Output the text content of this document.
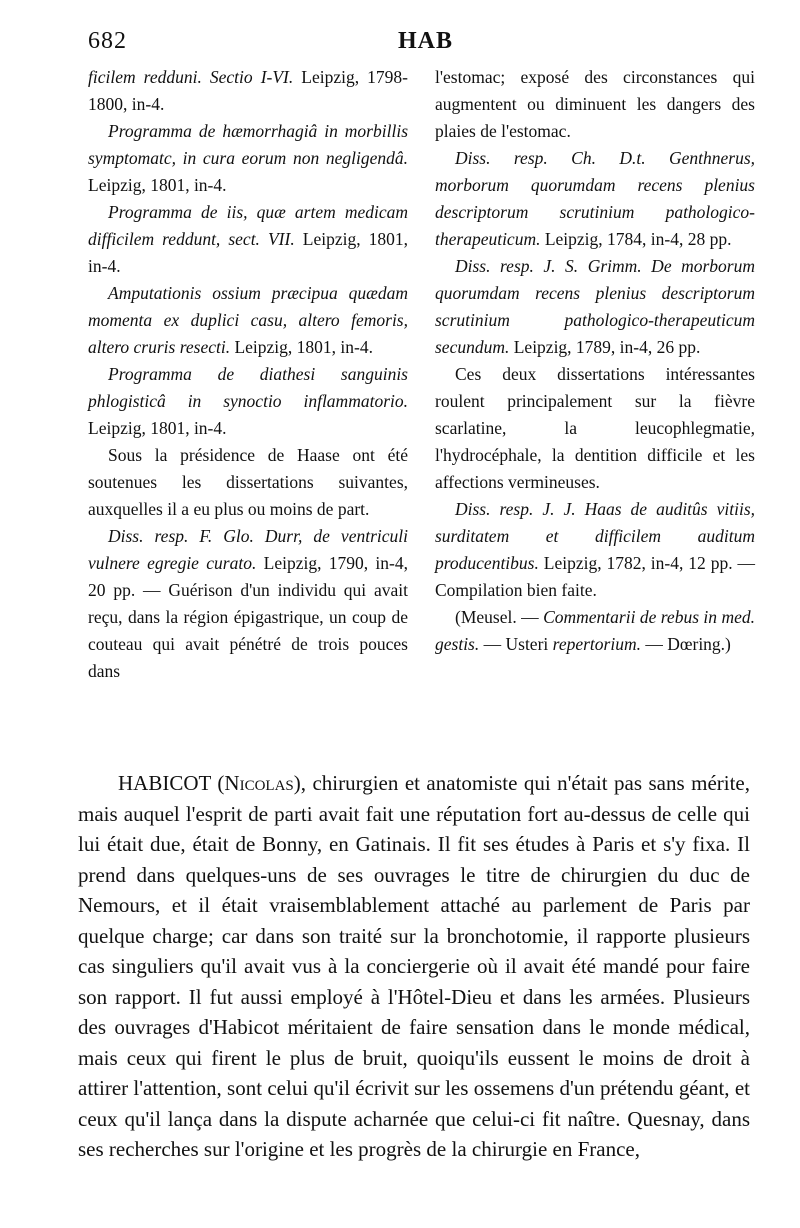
682	HAB

ficilem redduni. Sectio I-VI. Leipzig, 1798-1800, in-4.

Programma de hæmorrhagiâ in morbillis symptomatc, in cura eorum non negligendâ. Leipzig, 1801, in-4.

Programma de iis, quæ artem medicam difficilem reddunt, sect. VII. Leipzig, 1801, in-4.

Amputationis ossium præcipua quædam momenta ex duplici casu, altero femoris, altero cruris resecti. Leipzig, 1801, in-4.

Programma de diathesi sanguinis phlogisticâ in synoctio inflammatorio. Leipzig, 1801, in-4.

Sous la présidence de Haase ont été soutenues les dissertations suivantes, auxquelles il a eu plus ou moins de part.

Diss. resp. F. Glo. Durr, de ventriculi vulnere egregie curato. Leipzig, 1790, in-4, 20 pp. — Guérison d'un individu qui avait reçu, dans la région épigastrique, un coup de couteau qui avait pénétré de trois pouces dans

l'estomac; exposé des circonstances qui augmentent ou diminuent les dangers des plaies de l'estomac.

Diss. resp. Ch. D.t. Genthnerus, morborum quorumdam recens plenius descriptorum scrutinium pathologico-therapeuticum. Leipzig, 1784, in-4, 28 pp.

Diss. resp. J. S. Grimm. De morborum quorumdam recens plenius descriptorum scrutinium pathologico-therapeuticum secundum. Leipzig, 1789, in-4, 26 pp.

Ces deux dissertations intéressantes roulent principalement sur la fièvre scarlatine, la leucophlegmatie, l'hydrocéphale, la dentition difficile et les affections vermineuses.

Diss. resp. J. J. Haas de auditûs vitiis, surditatem et difficilem auditum producentibus. Leipzig, 1782, in-4, 12 pp. — Compilation bien faite.

(Meusel. — Commentarii de rebus in med. gestis. — Usteri repertorium. — Dœring.)

HABICOT (Nicolas), chirurgien et anatomiste qui n'était pas sans mérite, mais auquel l'esprit de parti avait fait une réputation fort au-dessus de celle qui lui était due, était de Bonny, en Gatinais. Il fit ses études à Paris et s'y fixa. Il prend dans quelques-uns de ses ouvrages le titre de chirurgien du duc de Nemours, et il était vraisemblablement attaché au parlement de Paris par quelque charge; car dans son traité sur la bronchotomie, il rapporte plusieurs cas singuliers qu'il avait vus à la conciergerie où il avait été mandé pour faire son rapport. Il fut aussi employé à l'Hôtel-Dieu et dans les armées. Plusieurs des ouvrages d'Habicot méritaient de faire sensation dans le monde médical, mais ceux qui firent le plus de bruit, quoiqu'ils eussent le moins de droit à attirer l'attention, sont celui qu'il écrivit sur les ossemens d'un prétendu géant, et ceux qu'il lança dans la dispute acharnée que celui-ci fit naître. Quesnay, dans ses recherches sur l'origine et les progrès de la chirurgie en France,
